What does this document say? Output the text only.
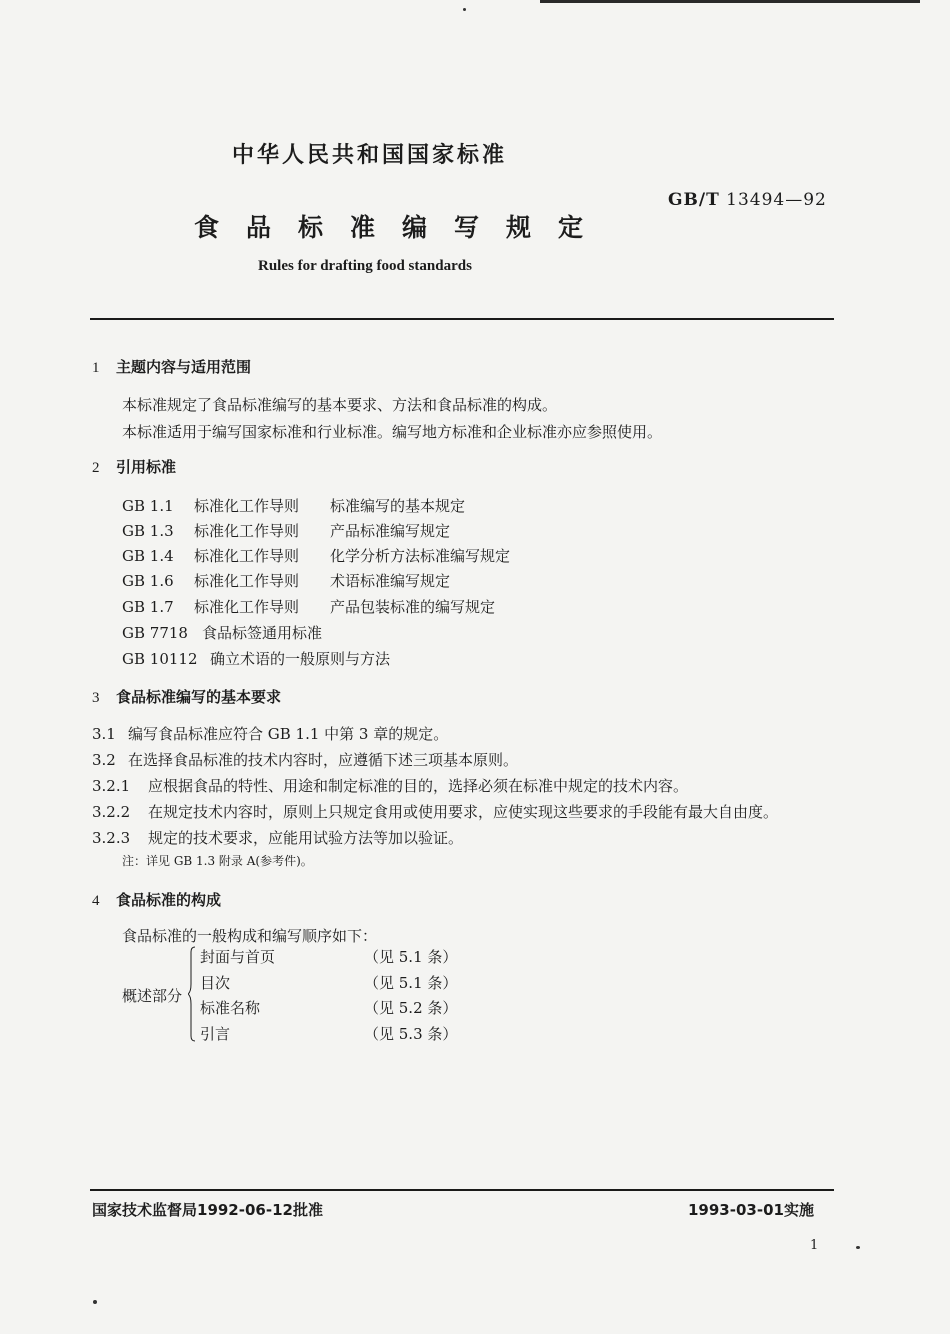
中华人民共和国国家标准
GB/T 13494—92
食品标准编写规定
Rules for drafting food standards
1 主题内容与适用范围
本标准规定了食品标准编写的基本要求、方法和食品标准的构成。
本标准适用于编写国家标准和行业标准。编写地方标准和企业标准亦应参照使用。
2 引用标准
GB 1.1 标准化工作导则 标准编写的基本规定
GB 1.3 标准化工作导则 产品标准编写规定
GB 1.4 标准化工作导则 化学分析方法标准编写规定
GB 1.6 标准化工作导则 术语标准编写规定
GB 1.7 标准化工作导则 产品包装标准的编写规定
GB 7718 食品标签通用标准
GB 10112 确立术语的一般原则与方法
3 食品标准编写的基本要求
3.1 编写食品标准应符合 GB 1.1 中第 3 章的规定。
3.2 在选择食品标准的技术内容时，应遵循下述三项基本原则。
3.2.1 应根据食品的特性、用途和制定标准的目的，选择必须在标准中规定的技术内容。
3.2.2 在规定技术内容时，原则上只规定食用或使用要求，应使实现这些要求的手段能有最大自由度。
3.2.3 规定的技术要求，应能用试验方法等加以验证。
注：详见 GB 1.3 附录 A(参考件)。
4 食品标准的构成
食品标准的一般构成和编写顺序如下：
概述部分
封面与首页	（见 5.1 条）
目次	（见 5.1 条）
标准名称	（见 5.2 条）
引言	（见 5.3 条）
国家技术监督局1992-06-12批准	1993-03-01实施
1
